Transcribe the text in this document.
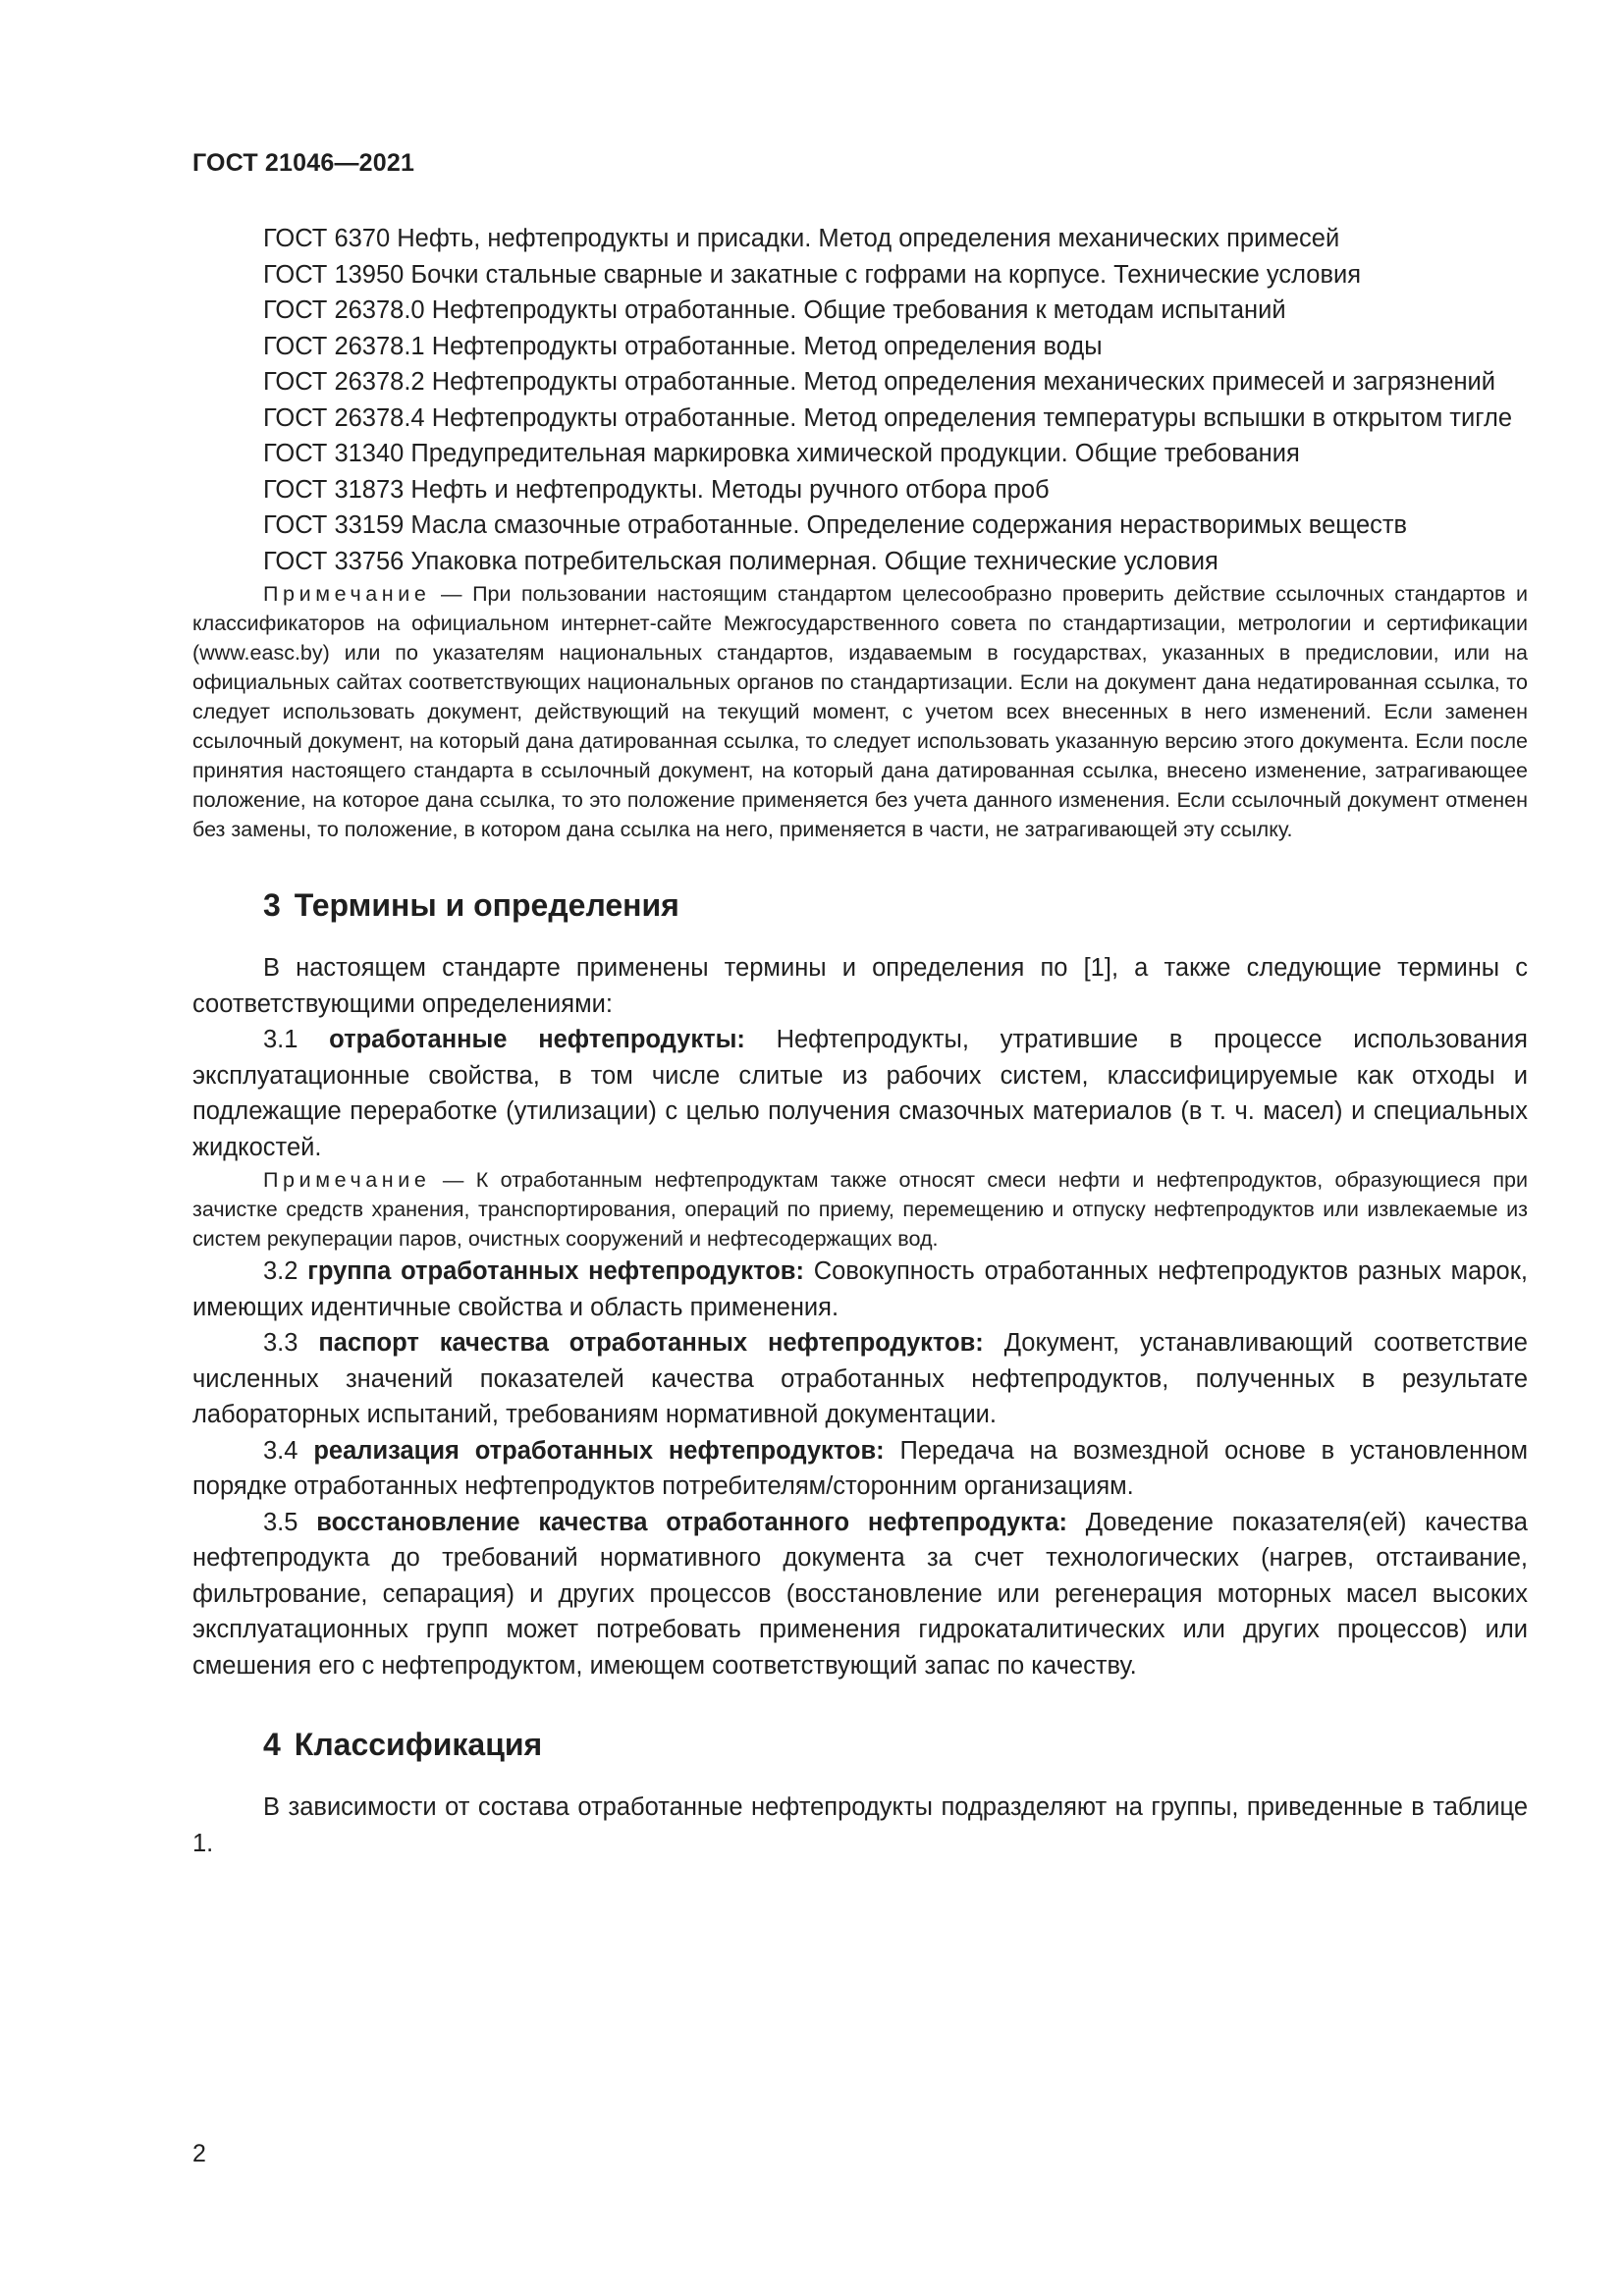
ГОСТ 21046—2021

ГОСТ 6370 Нефть, нефтепродукты и присадки. Метод определения механических примесей

ГОСТ 13950 Бочки стальные сварные и закатные с гофрами на корпусе. Технические условия

ГОСТ 26378.0 Нефтепродукты отработанные. Общие требования к методам испытаний

ГОСТ 26378.1 Нефтепродукты отработанные. Метод определения воды

ГОСТ 26378.2 Нефтепродукты отработанные. Метод определения механических примесей и загрязнений

ГОСТ 26378.4 Нефтепродукты отработанные. Метод определения температуры вспышки в открытом тигле

ГОСТ 31340 Предупредительная маркировка химической продукции. Общие требования

ГОСТ 31873 Нефть и нефтепродукты. Методы ручного отбора проб

ГОСТ 33159 Масла смазочные отработанные. Определение содержания нерастворимых веществ

ГОСТ 33756 Упаковка потребительская полимерная. Общие технические условия

Примечание — При пользовании настоящим стандартом целесообразно проверить действие ссылочных стандартов и классификаторов на официальном интернет-сайте Межгосударственного совета по стандартизации, метрологии и сертификации (www.easc.by) или по указателям национальных стандартов, издаваемым в государствах, указанных в предисловии, или на официальных сайтах соответствующих национальных органов по стандартизации. Если на документ дана недатированная ссылка, то следует использовать документ, действующий на текущий момент, с учетом всех внесенных в него изменений. Если заменен ссылочный документ, на который дана датированная ссылка, то следует использовать указанную версию этого документа. Если после принятия настоящего стандарта в ссылочный документ, на который дана датированная ссылка, внесено изменение, затрагивающее положение, на которое дана ссылка, то это положение применяется без учета данного изменения. Если ссылочный документ отменен без замены, то положение, в котором дана ссылка на него, применяется в части, не затрагивающей эту ссылку.

3 Термины и определения

В настоящем стандарте применены термины и определения по [1], а также следующие термины с соответствующими определениями:

3.1 отработанные нефтепродукты: Нефтепродукты, утратившие в процессе использования эксплуатационные свойства, в том числе слитые из рабочих систем, классифицируемые как отходы и подлежащие переработке (утилизации) с целью получения смазочных материалов (в т. ч. масел) и специальных жидкостей.

Примечание — К отработанным нефтепродуктам также относят смеси нефти и нефтепродуктов, образующиеся при зачистке средств хранения, транспортирования, операций по приему, перемещению и отпуску нефтепродуктов или извлекаемые из систем рекуперации паров, очистных сооружений и нефтесодержащих вод.

3.2 группа отработанных нефтепродуктов: Совокупность отработанных нефтепродуктов разных марок, имеющих идентичные свойства и область применения.

3.3 паспорт качества отработанных нефтепродуктов: Документ, устанавливающий соответствие численных значений показателей качества отработанных нефтепродуктов, полученных в результате лабораторных испытаний, требованиям нормативной документации.

3.4 реализация отработанных нефтепродуктов: Передача на возмездной основе в установленном порядке отработанных нефтепродуктов потребителям/сторонним организациям.

3.5 восстановление качества отработанного нефтепродукта: Доведение показателя(ей) качества нефтепродукта до требований нормативного документа за счет технологических (нагрев, отстаивание, фильтрование, сепарация) и других процессов (восстановление или регенерация моторных масел высоких эксплуатационных групп может потребовать применения гидрокаталитических или других процессов) или смешения его с нефтепродуктом, имеющем соответствующий запас по качеству.

4 Классификация

В зависимости от состава отработанные нефтепродукты подразделяют на группы, приведенные в таблице 1.

2
